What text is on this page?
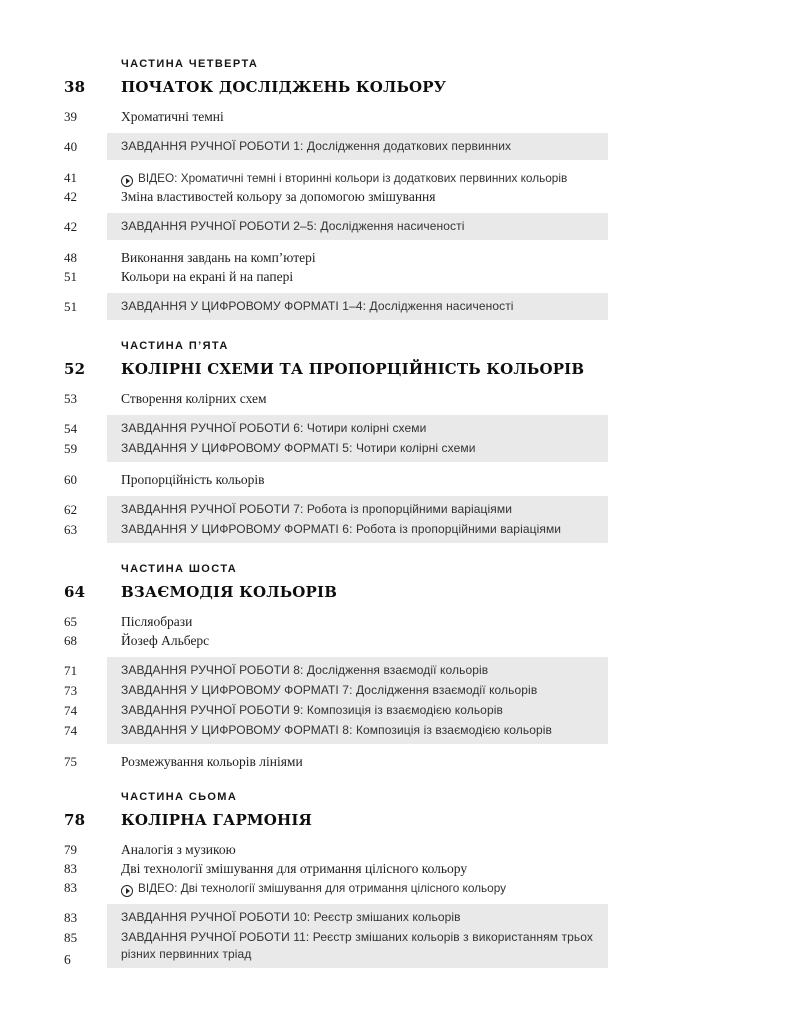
ЧАСТИНА ЧЕТВЕРТА
38	ПОЧАТОК ДОСЛІДЖЕНЬ КОЛЬОРУ
39	Хроматичні темні
40	ЗАВДАННЯ РУЧНОЇ РОБОТИ 1: Дослідження додаткових первинних
41	ВІДЕО: Хроматичні темні і вторинні кольори із додаткових первинних кольорів
42	Зміна властивостей кольору за допомогою змішування
42	ЗАВДАННЯ РУЧНОЇ РОБОТИ 2–5: Дослідження насиченості
48	Виконання завдань на комп’ютері
51	Кольори на екрані й на папері
51	ЗАВДАННЯ У ЦИФРОВОМУ ФОРМАТІ 1–4: Дослідження насиченості
ЧАСТИНА П’ЯТА
52	КОЛІРНІ СХЕМИ ТА ПРОПОРЦІЙНІСТЬ КОЛЬОРІВ
53	Створення колірних схем
54	ЗАВДАННЯ РУЧНОЇ РОБОТИ 6: Чотири колірні схеми
59	ЗАВДАННЯ У ЦИФРОВОМУ ФОРМАТІ 5: Чотири колірні схеми
60	Пропорційність кольорів
62	ЗАВДАННЯ РУЧНОЇ РОБОТИ 7: Робота із пропорційними варіаціями
63	ЗАВДАННЯ У ЦИФРОВОМУ ФОРМАТІ 6: Робота із пропорційними варіаціями
ЧАСТИНА ШОСТА
64	ВЗАЄМОДІЯ КОЛЬОРІВ
65	Післяобрази
68	Йозеф Альберс
71	ЗАВДАННЯ РУЧНОЇ РОБОТИ 8: Дослідження взаємодії кольорів
73	ЗАВДАННЯ У ЦИФРОВОМУ ФОРМАТІ 7: Дослідження взаємодії кольорів
74	ЗАВДАННЯ РУЧНОЇ РОБОТИ 9: Композиція із взаємодією кольорів
74	ЗАВДАННЯ У ЦИФРОВОМУ ФОРМАТІ 8: Композиція із взаємодією кольорів
75	Розмежування кольорів лініями
ЧАСТИНА СЬОМА
78	КОЛІРНА ГАРМОНІЯ
79	Аналогія з музикою
83	Дві технології змішування для отримання цілісного кольору
83	ВІДЕО: Дві технології змішування для отримання цілісного кольору
83	ЗАВДАННЯ РУЧНОЇ РОБОТИ 10: Реєстр змішаних кольорів
85	ЗАВДАННЯ РУЧНОЇ РОБОТИ 11: Реєстр змішаних кольорів з використанням трьох різних первинних тріад
6
